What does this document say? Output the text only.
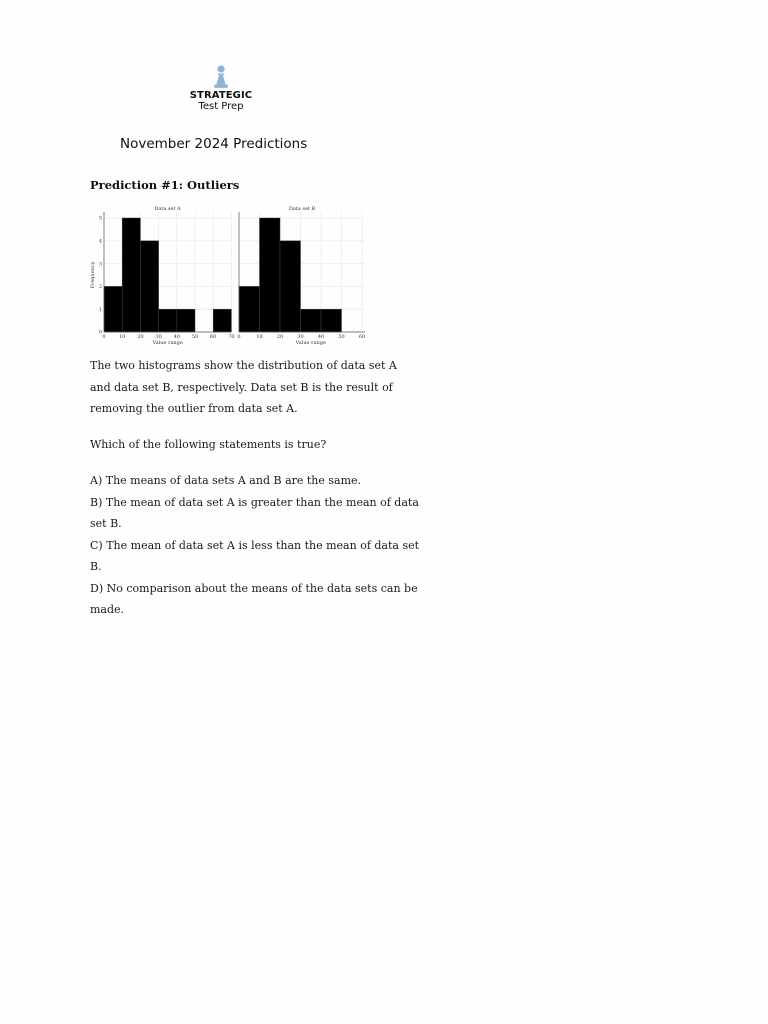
STRATEGIC
Test Prep
November 2024 Predictions
Prediction #1: Outliers
0	10 20 30 40 50 60 70
0
1
2
3
4
5
Data set A
Value range
Frequency
0	10	20	30	40	50	60
Data set B
Value range

The two histograms show the distribution of data set A and data set B, respectively. Data set B is the result of removing the outlier from data set A.

Which of the following statements is true?

A) The means of data sets A and B are the same.
B) The mean of data set A is greater than the mean of data set B.
C) The mean of data set A is less than the mean of data set B.
D) No comparison about the means of the data sets can be made.
